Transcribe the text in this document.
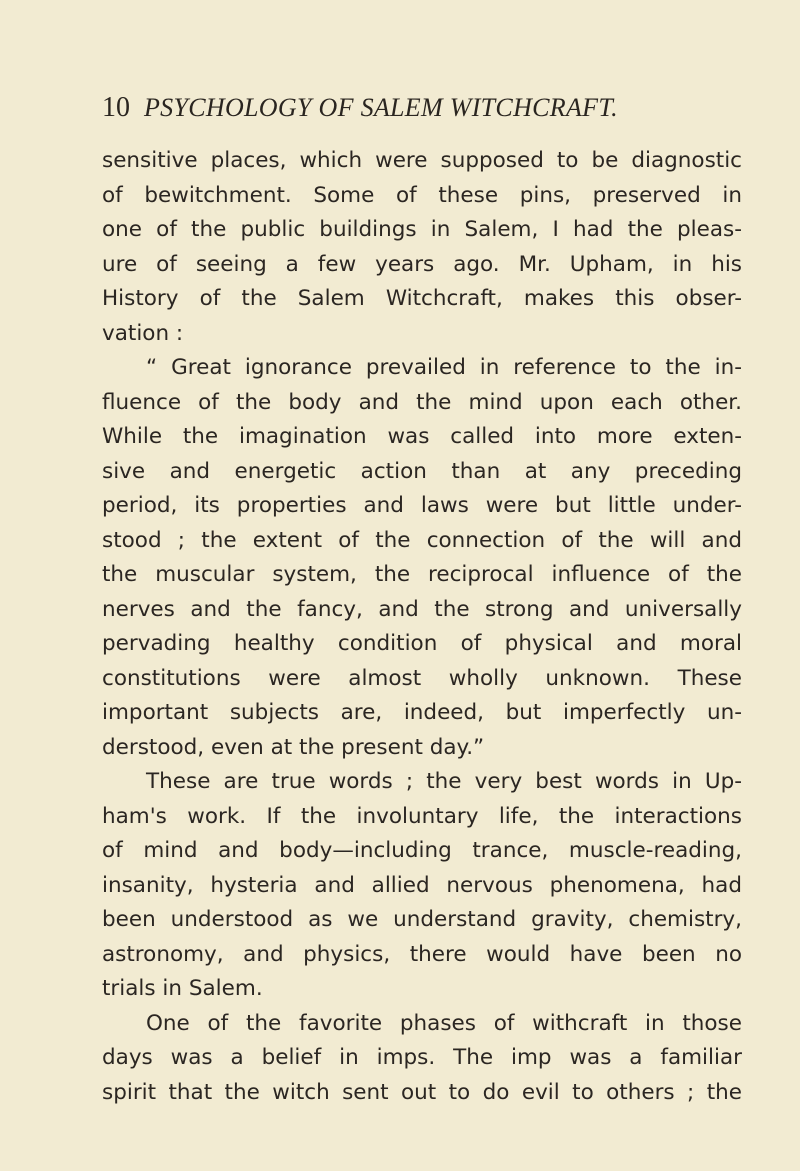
10 PSYCHOLOGY OF SALEM WITCHCRAFT.
sensitive places, which were supposed to be diagnostic
of bewitchment. Some of these pins, preserved in
one of the public buildings in Salem, I had the pleas-
ure of seeing a few years ago. Mr. Upham, in his
History of the Salem Witchcraft, makes this obser-
vation :
“ Great ignorance prevailed in reference to the in-
fluence of the body and the mind upon each other.
While the imagination was called into more exten-
sive and energetic action than at any preceding
period, its properties and laws were but little under-
stood ; the extent of the connection of the will and
the muscular system, the reciprocal influence of the
nerves and the fancy, and the strong and universally
pervading healthy condition of physical and moral
constitutions were almost wholly unknown. These
important subjects are, indeed, but imperfectly un-
derstood, even at the present day.”
These are true words ; the very best words in Up-
ham's work. If the involuntary life, the interactions
of mind and body—including trance, muscle-reading,
insanity, hysteria and allied nervous phenomena, had
been understood as we understand gravity, chemistry,
astronomy, and physics, there would have been no
trials in Salem.
One of the favorite phases of withcraft in those
days was a belief in imps. The imp was a familiar
spirit that the witch sent out to do evil to others ; the
